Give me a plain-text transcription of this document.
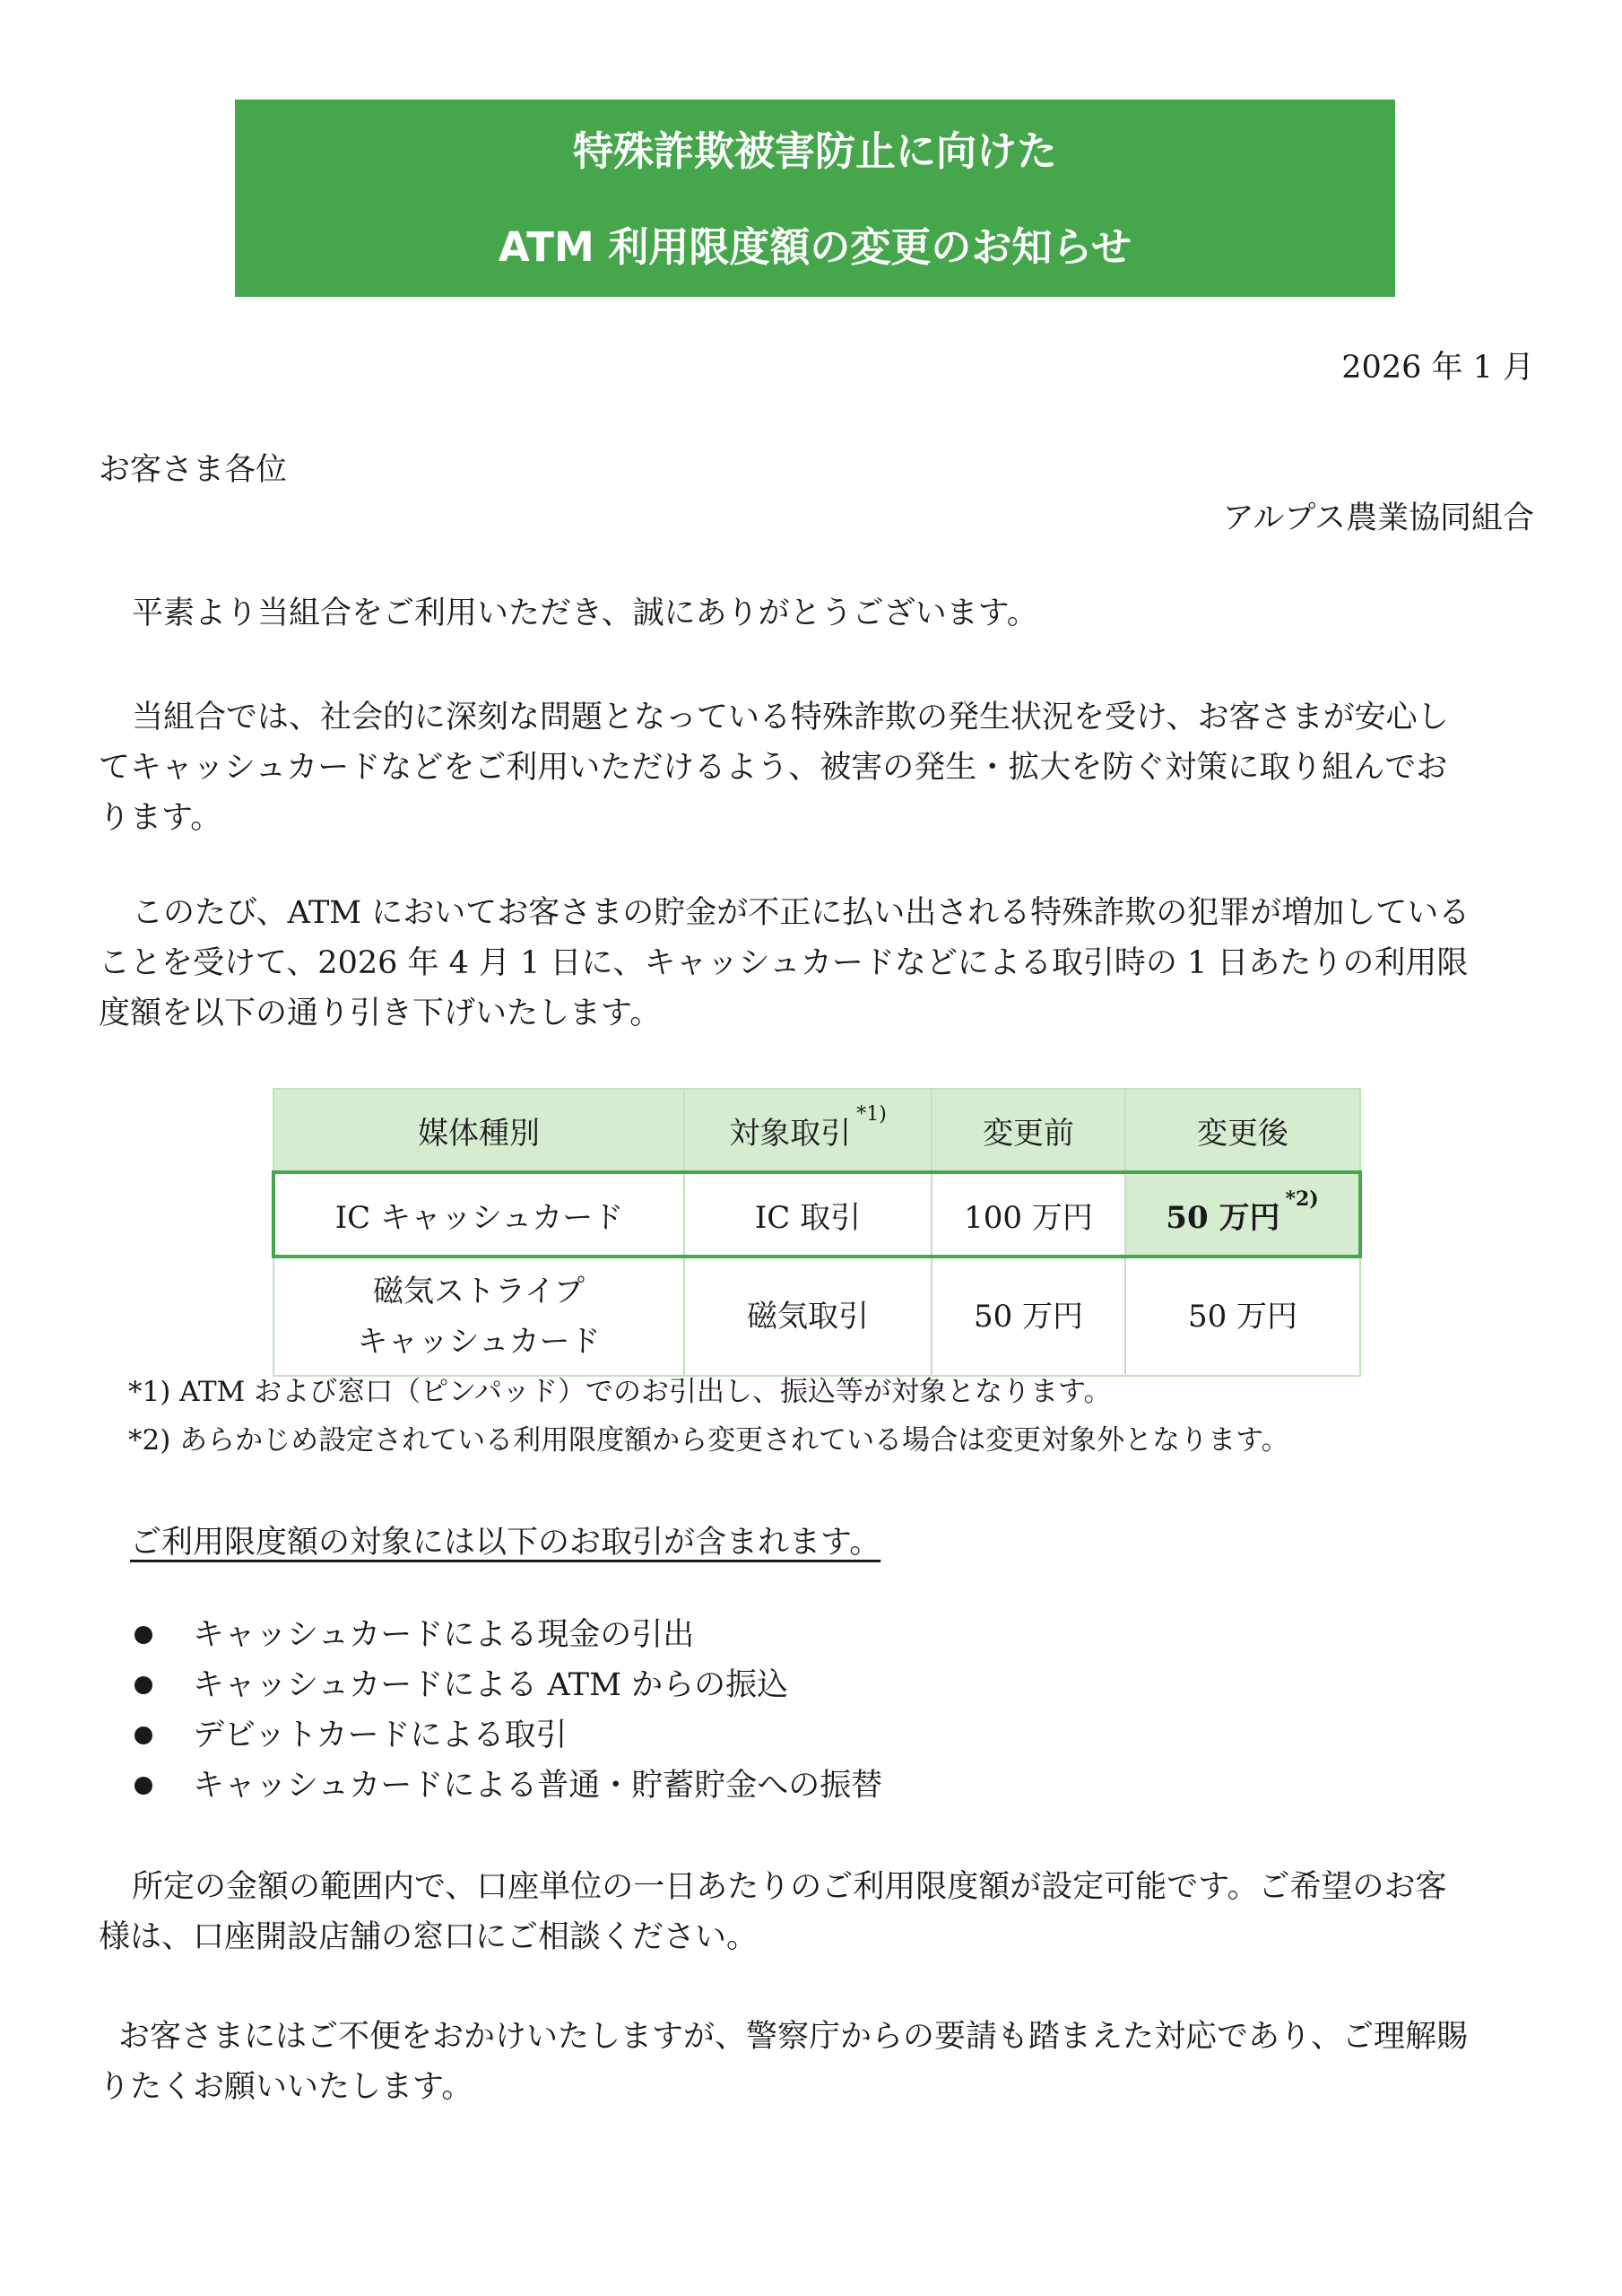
特殊詐欺被害防止に向けた
ATM 利用限度額の変更のお知らせ
2026 年 1 月
お客さま各位
アルプス農業協同組合
平素より当組合をご利用いただき、誠にありがとうございます。
当組合では、社会的に深刻な問題となっている特殊詐欺の発生状況を受け、お客さまが安心し
てキャッシュカードなどをご利用いただけるよう、被害の発生・拡大を防ぐ対策に取り組んでお
ります。
このたび、ATM においてお客さまの貯金が不正に払い出される特殊詐欺の犯罪が増加している
ことを受けて、2026 年 4 月 1 日に、キャッシュカードなどによる取引時の 1 日あたりの利用限
度額を以下の通り引き下げいたします。
媒体種別	対象取引$^{*1)}$	変更前	変更後
IC キャッシュカード	IC 取引	100 万円	50 万円$^{*2)}$

磁気ストライプ
キャッシュカード	磁気取引	50 万円	50 万円
*1) ATM および窓口（ピンパッド）でのお引出し、振込等が対象となります。
*2) あらかじめ設定されている利用限度額から変更されている場合は変更対象外となります。
ご利用限度額の対象には以下のお取引が含まれます。
キャッシュカードによる現金の引出
キャッシュカードによる ATM からの振込
デビットカードによる取引
キャッシュカードによる普通・貯蓄貯金への振替
所定の金額の範囲内で、口座単位の一日あたりのご利用限度額が設定可能です。ご希望のお客
様は、口座開設店舗の窓口にご相談ください。
お客さまにはご不便をおかけいたしますが、警察庁からの要請も踏まえた対応であり、ご理解賜
りたくお願いいたします。
